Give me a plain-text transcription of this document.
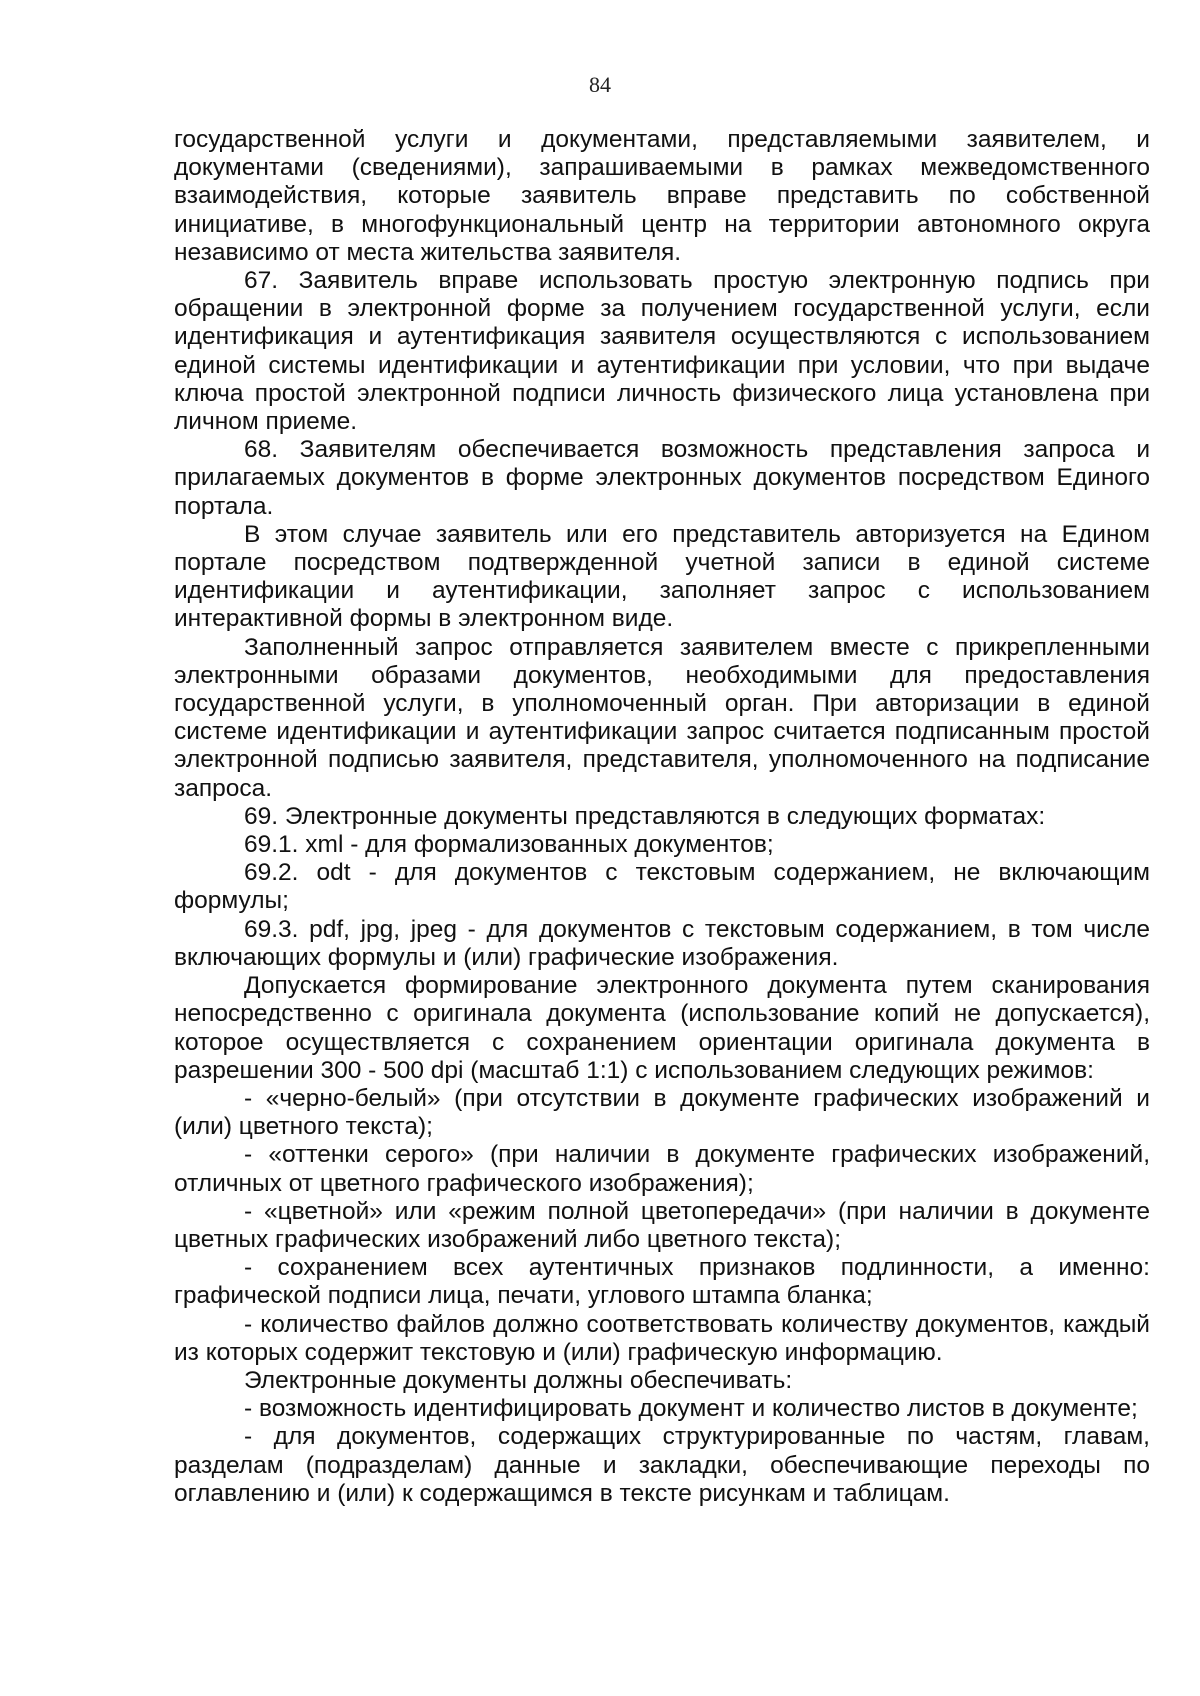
84

государственной услуги и документами, представляемыми заявителем, и документами (сведениями), запрашиваемыми в рамках межведомственного взаимодействия, которые заявитель вправе представить по собственной инициативе, в многофункциональный центр на территории автономного округа независимо от места жительства заявителя.

67. Заявитель вправе использовать простую электронную подпись при обращении в электронной форме за получением государственной услуги, если идентификация и аутентификация заявителя осуществляются с использованием единой системы идентификации и аутентификации при условии, что при выдаче ключа простой электронной подписи личность физического лица установлена при личном приеме.

68. Заявителям обеспечивается возможность представления запроса и прилагаемых документов в форме электронных документов посредством Единого портала.

В этом случае заявитель или его представитель авторизуется на Едином портале посредством подтвержденной учетной записи в единой системе идентификации и аутентификации, заполняет запрос с использованием интерактивной формы в электронном виде.

Заполненный запрос отправляется заявителем вместе с прикрепленными электронными образами документов, необходимыми для предоставления государственной услуги, в уполномоченный орган. При авторизации в единой системе идентификации и аутентификации запрос считается подписанным простой электронной подписью заявителя, представителя, уполномоченного на подписание запроса.

69. Электронные документы представляются в следующих форматах:

69.1. xml - для формализованных документов;

69.2. odt - для документов с текстовым содержанием, не включающим формулы;

69.3. pdf, jpg, jpeg - для документов с текстовым содержанием, в том числе включающих формулы и (или) графические изображения.

Допускается формирование электронного документа путем сканирования непосредственно с оригинала документа (использование копий не допускается), которое осуществляется с сохранением ориентации оригинала документа в разрешении 300 - 500 dpi (масштаб 1:1) с использованием следующих режимов:

- «черно-белый» (при отсутствии в документе графических изображений и (или) цветного текста);

- «оттенки серого» (при наличии в документе графических изображений, отличных от цветного графического изображения);

- «цветной» или «режим полной цветопередачи» (при наличии в документе цветных графических изображений либо цветного текста);

- сохранением всех аутентичных признаков подлинности, а именно: графической подписи лица, печати, углового штампа бланка;

- количество файлов должно соответствовать количеству документов, каждый из которых содержит текстовую и (или) графическую информацию.

Электронные документы должны обеспечивать:

- возможность идентифицировать документ и количество листов в документе;

- для документов, содержащих структурированные по частям, главам, разделам (подразделам) данные и закладки, обеспечивающие переходы по оглавлению и (или) к содержащимся в тексте рисункам и таблицам.
